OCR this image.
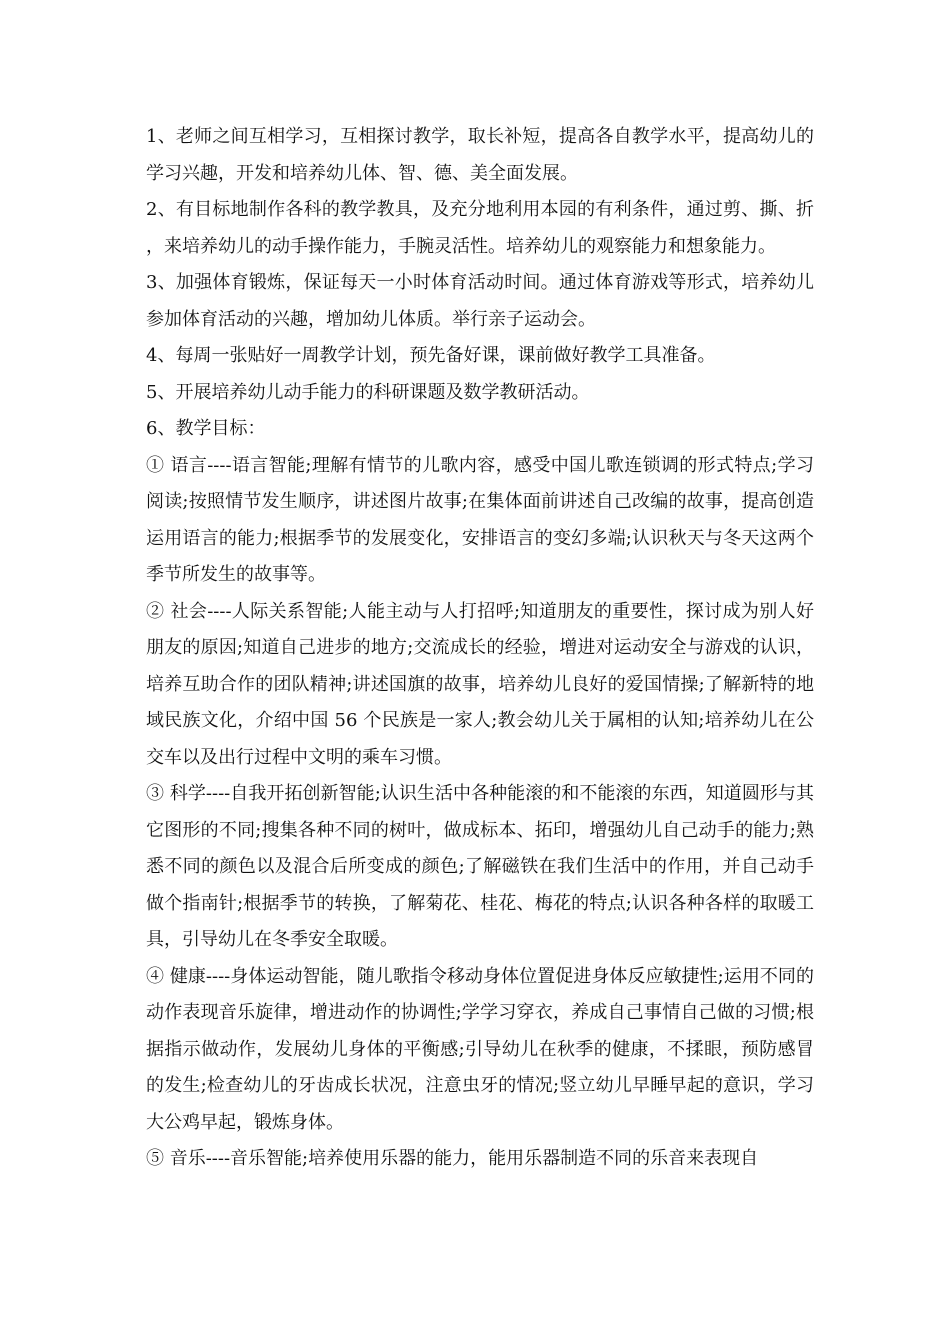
1、老师之间互相学习，互相探讨教学，取长补短，提高各自教学水平，提高幼儿的学习兴趣，开发和培养幼儿体、智、德、美全面发展。

2、有目标地制作各科的教学教具，及充分地利用本园的有利条件，通过剪、撕、折，来培养幼儿的动手操作能力，手腕灵活性。培养幼儿的观察能力和想象能力。

3、加强体育锻炼，保证每天一小时体育活动时间。通过体育游戏等形式，培养幼儿参加体育活动的兴趣，增加幼儿体质。举行亲子运动会。

4、每周一张贴好一周教学计划，预先备好课，课前做好教学工具准备。

5、开展培养幼儿动手能力的科研课题及数学教研活动。

6、教学目标：

① 语言----语言智能;理解有情节的儿歌内容，感受中国儿歌连锁调的形式特点;学习阅读;按照情节发生顺序，讲述图片故事;在集体面前讲述自己改编的故事，提高创造运用语言的能力;根据季节的发展变化，安排语言的变幻多端;认识秋天与冬天这两个季节所发生的故事等。

② 社会----人际关系智能;人能主动与人打招呼;知道朋友的重要性，探讨成为别人好朋友的原因;知道自己进步的地方;交流成长的经验，增进对运动安全与游戏的认识，培养互助合作的团队精神;讲述国旗的故事，培养幼儿良好的爱国情操;了解新特的地域民族文化，介绍中国 56 个民族是一家人;教会幼儿关于属相的认知;培养幼儿在公交车以及出行过程中文明的乘车习惯。

③ 科学----自我开拓创新智能;认识生活中各种能滚的和不能滚的东西，知道圆形与其它图形的不同;搜集各种不同的树叶，做成标本、拓印，增强幼儿自己动手的能力;熟悉不同的颜色以及混合后所变成的颜色;了解磁铁在我们生活中的作用，并自己动手做个指南针;根据季节的转换，了解菊花、桂花、梅花的特点;认识各种各样的取暖工具，引导幼儿在冬季安全取暖。

④ 健康----身体运动智能，随儿歌指令移动身体位置促进身体反应敏捷性;运用不同的动作表现音乐旋律，增进动作的协调性;学学习穿衣，养成自己事情自己做的习惯;根据指示做动作，发展幼儿身体的平衡感;引导幼儿在秋季的健康，不揉眼，预防感冒的发生;检查幼儿的牙齿成长状况，注意虫牙的情况;竖立幼儿早睡早起的意识，学习大公鸡早起，锻炼身体。

⑤ 音乐----音乐智能;培养使用乐器的能力，能用乐器制造不同的乐音来表现自
